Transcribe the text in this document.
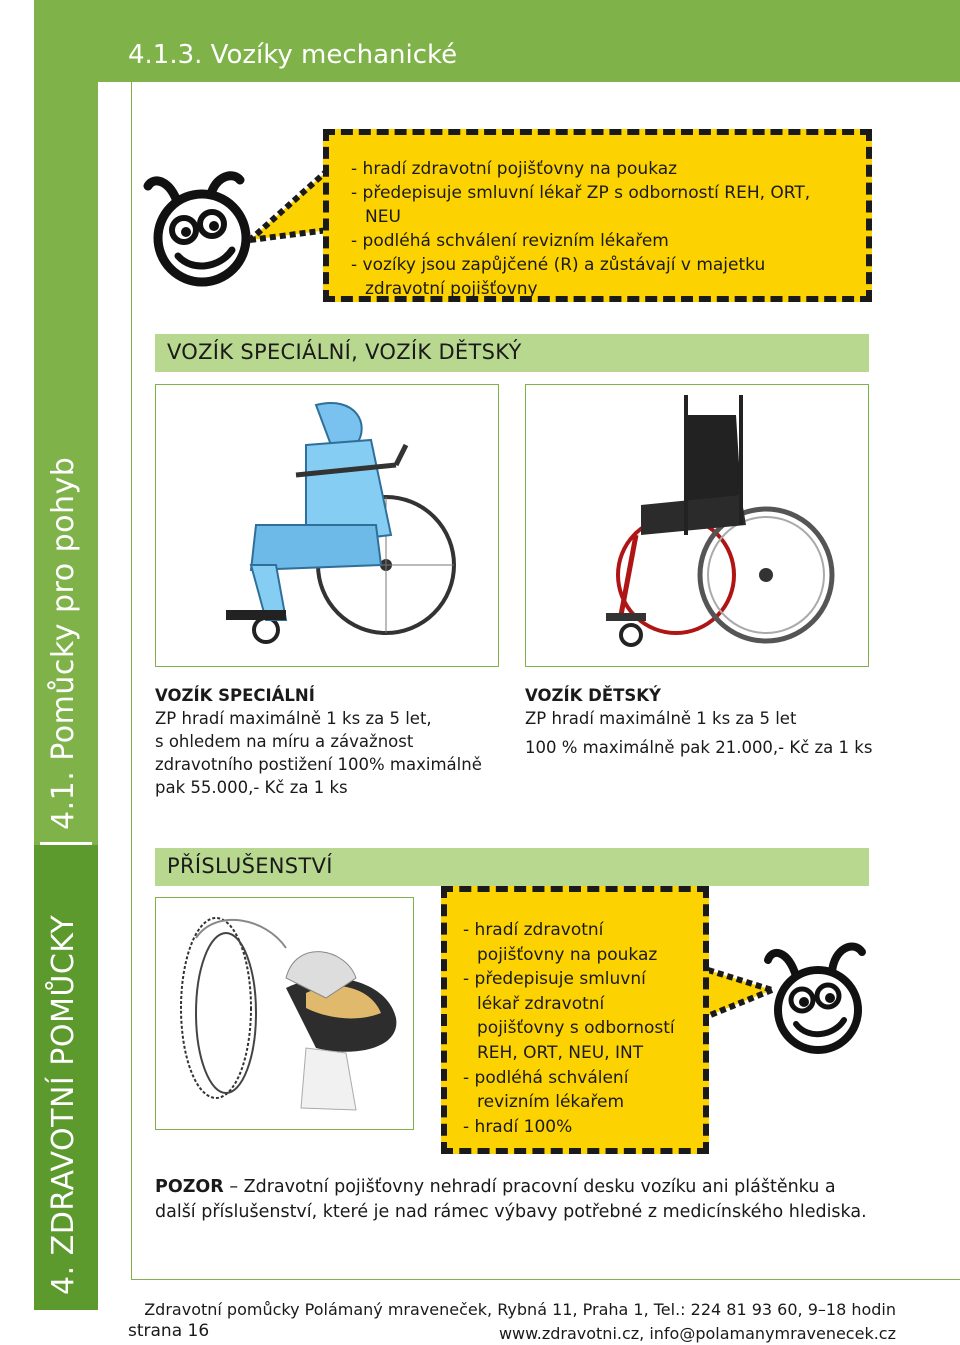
4.1. Pomůcky pro pohyb
4. ZDRAVOTNÍ POMŮCKY
4.1.3. Vozíky mechanické
- hradí zdravotní pojišťovny na poukaz
- předepisuje smluvní lékař ZP s odborností REH, ORT, NEU
- podléhá schválení revizním lékařem
- vozíky jsou zapůjčené (R) a zůstávají v majetku zdravotní pojišťovny
VOZÍK SPECIÁLNÍ, VOZÍK DĚTSKÝ
VOZÍK SPECIÁLNÍ
ZP hradí maximálně 1 ks za 5 let,
s ohledem na míru a závažnost
zdravotního postižení 100% maximálně
pak 55.000,- Kč za 1 ks
VOZÍK DĚTSKÝ
ZP hradí maximálně 1 ks za 5 let
100 % maximálně pak 21.000,- Kč za 1 ks
PŘÍSLUŠENSTVÍ
- hradí zdravotní pojišťovny na poukaz
- předepisuje smluvní lékař zdravotní pojišťovny s odborností REH, ORT, NEU, INT
- podléhá schválení revizním lékařem
- hradí 100%
POZOR – Zdravotní pojišťovny nehradí pracovní desku vozíku ani pláštěnku a další příslušenství, které je nad rámec výbavy potřebné z medicínského hlediska.
strana 16
Zdravotní pomůcky Polámaný mraveneček, Rybná 11, Praha 1, Tel.: 224 81 93 60, 9–18 hodin
www.zdravotni.cz, info@polamanymravenecek.cz
